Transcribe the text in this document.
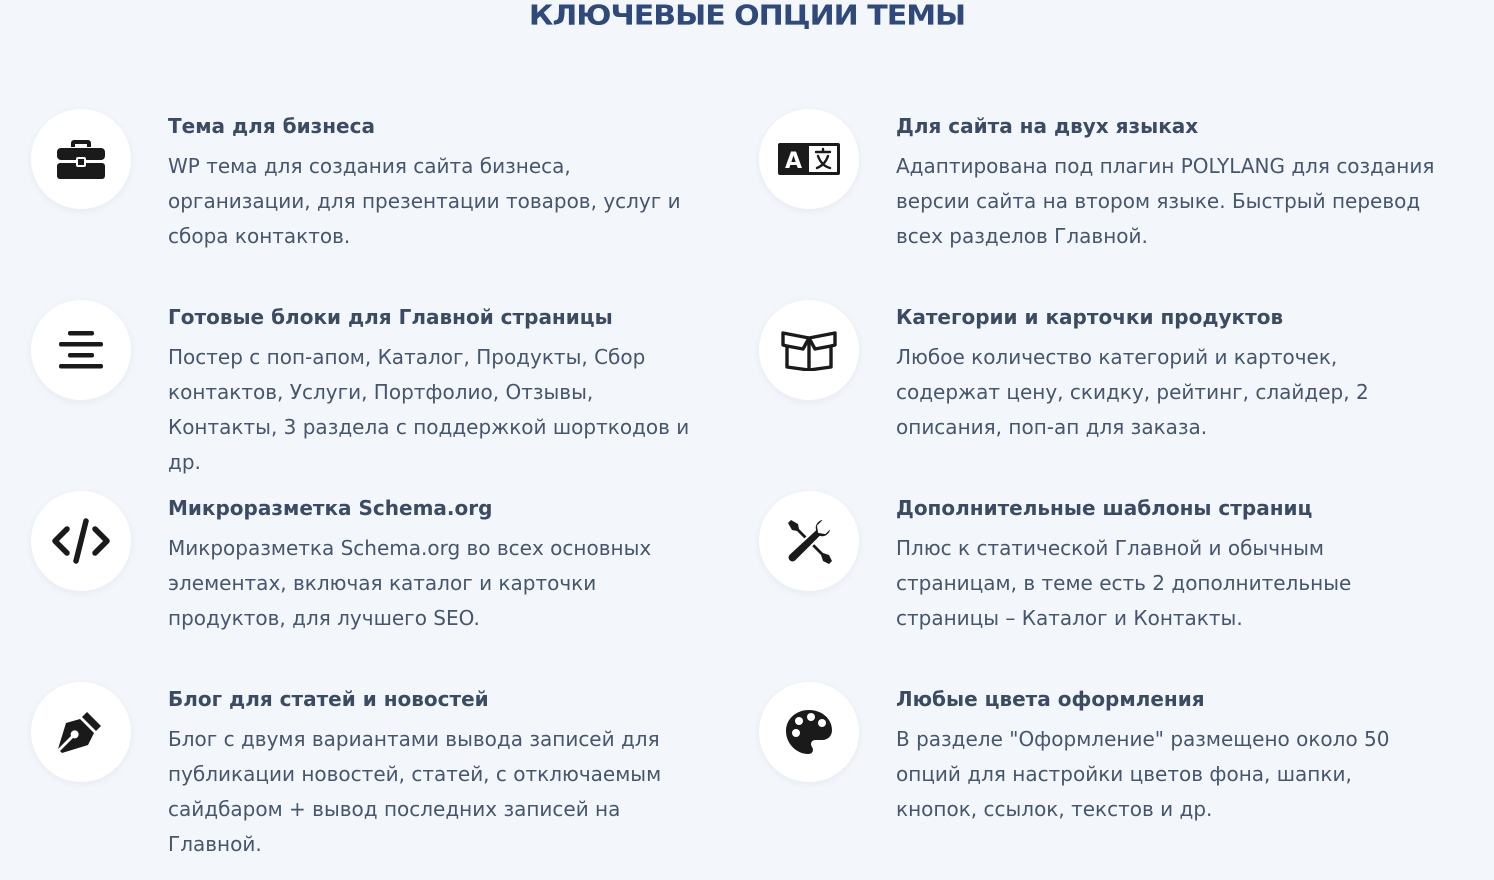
КЛЮЧЕВЫЕ ОПЦИИ ТЕМЫ
Тема для бизнеса

WP тема для создания сайта бизнеса, организации, для презентации товаров, услуг и сбора контактов.

A
Для сайта на двух языках

Адаптирована под плагин POLYLANG для создания версии сайта на втором языке. Быстрый перевод всех разделов Главной.

Готовые блоки для Главной страницы

Постер с поп-апом, Каталог, Продукты, Сбор контактов, Услуги, Портфолио, Отзывы, Контакты, 3 раздела с поддержкой шорткодов и др.

Категории и карточки продуктов

Любое количество категорий и карточек, содержат цену, скидку, рейтинг, слайдер, 2 описания, поп-ап для заказа.

Микроразметка Schema.org

Микроразметка Schema.org во всех основных элементах, включая каталог и карточки продуктов, для лучшего SEO.

Дополнительные шаблоны страниц

Плюс к статической Главной и обычным страницам, в теме есть 2 дополнительные страницы – Каталог и Контакты.

Блог для статей и новостей

Блог с двумя вариантами вывода записей для публикации новостей, статей, с отключаемым сайдбаром + вывод последних записей на Главной.

Любые цвета оформления

В разделе "Оформление" размещено около 50 опций для настройки цветов фона, шапки, кнопок, ссылок, текстов и др.
